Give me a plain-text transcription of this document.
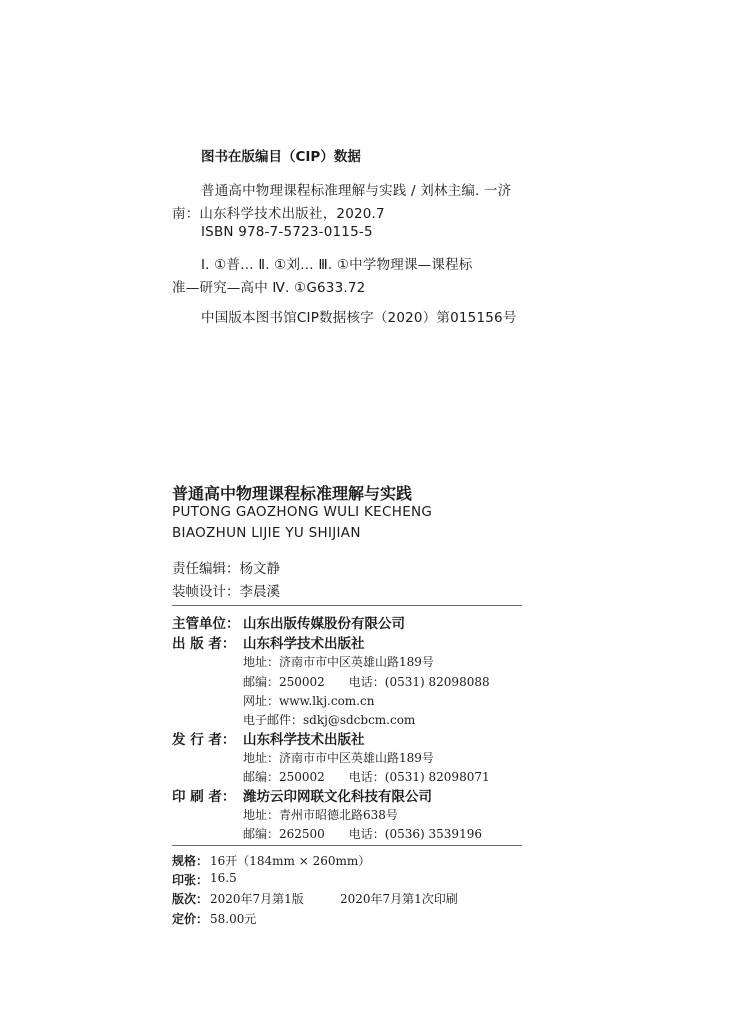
图书在版编目（CIP）数据
普通高中物理课程标准理解与实践 / 刘林主编. 一济
南：山东科学技术出版社，2020.7
ISBN 978-7-5723-0115-5
Ⅰ. ①普… Ⅱ. ①刘… Ⅲ. ①中学物理课—课程标
准—研究—高中 Ⅳ. ①G633.72
中国版本图书馆CIP数据核字（2020）第015156号
普通高中物理课程标准理解与实践
PUTONG GAOZHONG WULI KECHENG
BIAOZHUN LIJIE YU SHIJIAN
责任编辑：杨文静
装帧设计：李晨溪
主管单位： 山东出版传媒股份有限公司
出 版 者： 山东科学技术出版社
地址：济南市市中区英雄山路189号
邮编：250002　　电话：(0531) 82098088
网址：www.lkj.com.cn
电子邮件：sdkj@sdcbcm.com
发 行 者： 山东科学技术出版社
地址：济南市市中区英雄山路189号
邮编：250002　　电话：(0531) 82098071
印 刷 者： 潍坊云印网联文化科技有限公司
地址：青州市昭德北路638号
邮编：262500　　电话：(0536) 3539196
规格： 16开（184mm × 260mm）
印张： 16.5
版次： 2020年7月第1版	2020年7月第1次印刷
定价： 58.00元
